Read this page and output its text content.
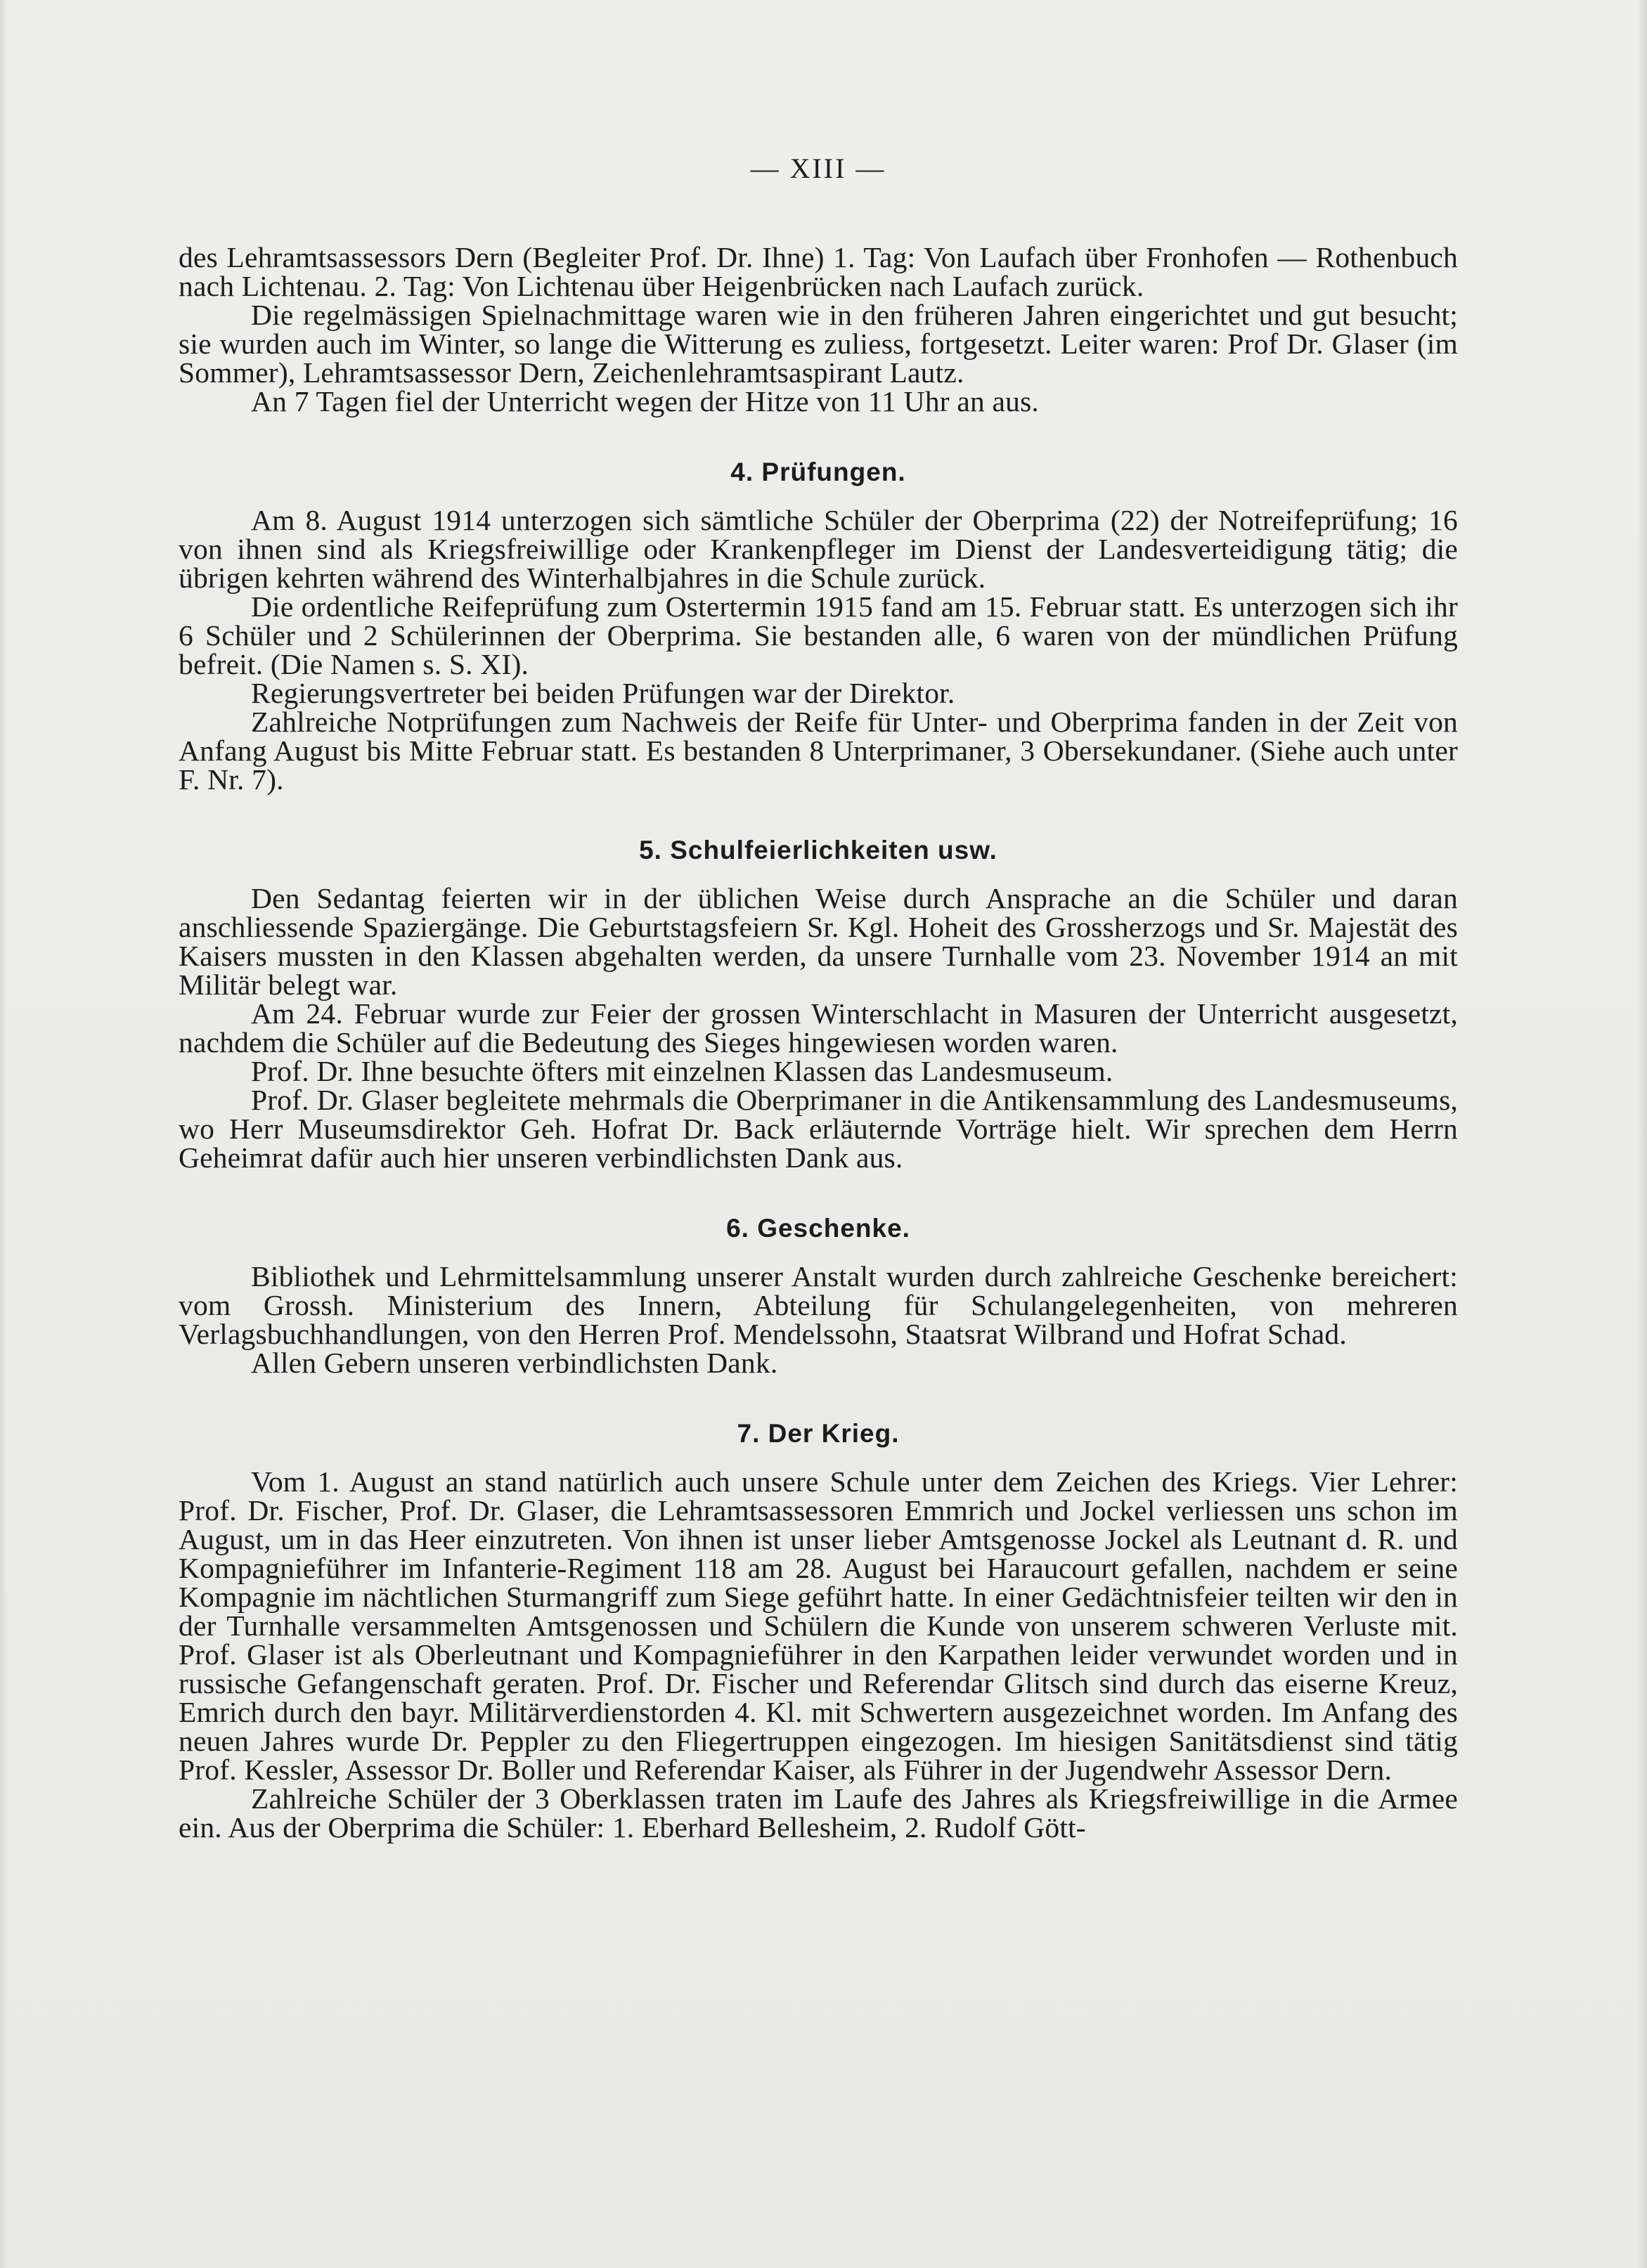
— XIII —

des Lehramtsassessors Dern (Begleiter Prof. Dr. Ihne) 1. Tag: Von Laufach über Fronhofen — Rothenbuch nach Lichtenau. 2. Tag: Von Lichtenau über Heigenbrücken nach Laufach zurück.

Die regelmässigen Spielnachmittage waren wie in den früheren Jahren eingerichtet und gut besucht; sie wurden auch im Winter, so lange die Witterung es zuliess, fortgesetzt. Leiter waren: Prof Dr. Glaser (im Sommer), Lehramtsassessor Dern, Zeichenlehramtsaspirant Lautz.

An 7 Tagen fiel der Unterricht wegen der Hitze von 11 Uhr an aus.

4. Prüfungen.

Am 8. August 1914 unterzogen sich sämtliche Schüler der Oberprima (22) der Notreifeprüfung; 16 von ihnen sind als Kriegsfreiwillige oder Krankenpfleger im Dienst der Landesverteidigung tätig; die übrigen kehrten während des Winterhalbjahres in die Schule zurück.

Die ordentliche Reifeprüfung zum Ostertermin 1915 fand am 15. Februar statt. Es unterzogen sich ihr 6 Schüler und 2 Schülerinnen der Oberprima. Sie bestanden alle, 6 waren von der mündlichen Prüfung befreit. (Die Namen s. S. XI).

Regierungsvertreter bei beiden Prüfungen war der Direktor.

Zahlreiche Notprüfungen zum Nachweis der Reife für Unter- und Oberprima fanden in der Zeit von Anfang August bis Mitte Februar statt. Es bestanden 8 Unterprimaner, 3 Obersekundaner. (Siehe auch unter F. Nr. 7).

5. Schulfeierlichkeiten usw.

Den Sedantag feierten wir in der üblichen Weise durch Ansprache an die Schüler und daran anschliessende Spaziergänge. Die Geburtstagsfeiern Sr. Kgl. Hoheit des Grossherzogs und Sr. Majestät des Kaisers mussten in den Klassen abgehalten werden, da unsere Turnhalle vom 23. November 1914 an mit Militär belegt war.

Am 24. Februar wurde zur Feier der grossen Winterschlacht in Masuren der Unterricht ausgesetzt, nachdem die Schüler auf die Bedeutung des Sieges hingewiesen worden waren.

Prof. Dr. Ihne besuchte öfters mit einzelnen Klassen das Landesmuseum.

Prof. Dr. Glaser begleitete mehrmals die Oberprimaner in die Antikensammlung des Landesmuseums, wo Herr Museumsdirektor Geh. Hofrat Dr. Back erläuternde Vorträge hielt. Wir sprechen dem Herrn Geheimrat dafür auch hier unseren verbindlichsten Dank aus.

6. Geschenke.

Bibliothek und Lehrmittelsammlung unserer Anstalt wurden durch zahlreiche Geschenke bereichert: vom Grossh. Ministerium des Innern, Abteilung für Schulangelegenheiten, von mehreren Verlagsbuchhandlungen, von den Herren Prof. Mendelssohn, Staatsrat Wilbrand und Hofrat Schad.

Allen Gebern unseren verbindlichsten Dank.

7. Der Krieg.

Vom 1. August an stand natürlich auch unsere Schule unter dem Zeichen des Kriegs. Vier Lehrer: Prof. Dr. Fischer, Prof. Dr. Glaser, die Lehramtsassessoren Emmrich und Jockel verliessen uns schon im August, um in das Heer einzutreten. Von ihnen ist unser lieber Amtsgenosse Jockel als Leutnant d. R. und Kompagnieführer im Infanterie-Regiment 118 am 28. August bei Haraucourt gefallen, nachdem er seine Kompagnie im nächtlichen Sturmangriff zum Siege geführt hatte. In einer Gedächtnisfeier teilten wir den in der Turnhalle versammelten Amtsgenossen und Schülern die Kunde von unserem schweren Verluste mit. Prof. Glaser ist als Oberleutnant und Kompagnieführer in den Karpathen leider verwundet worden und in russische Gefangenschaft geraten. Prof. Dr. Fischer und Referendar Glitsch sind durch das eiserne Kreuz, Emrich durch den bayr. Militärverdienstorden 4. Kl. mit Schwertern ausgezeichnet worden. Im Anfang des neuen Jahres wurde Dr. Peppler zu den Fliegertruppen eingezogen. Im hiesigen Sanitätsdienst sind tätig Prof. Kessler, Assessor Dr. Boller und Referendar Kaiser, als Führer in der Jugendwehr Assessor Dern.

Zahlreiche Schüler der 3 Oberklassen traten im Laufe des Jahres als Kriegsfreiwillige in die Armee ein. Aus der Oberprima die Schüler: 1. Eberhard Bellesheim, 2. Rudolf Gött-
